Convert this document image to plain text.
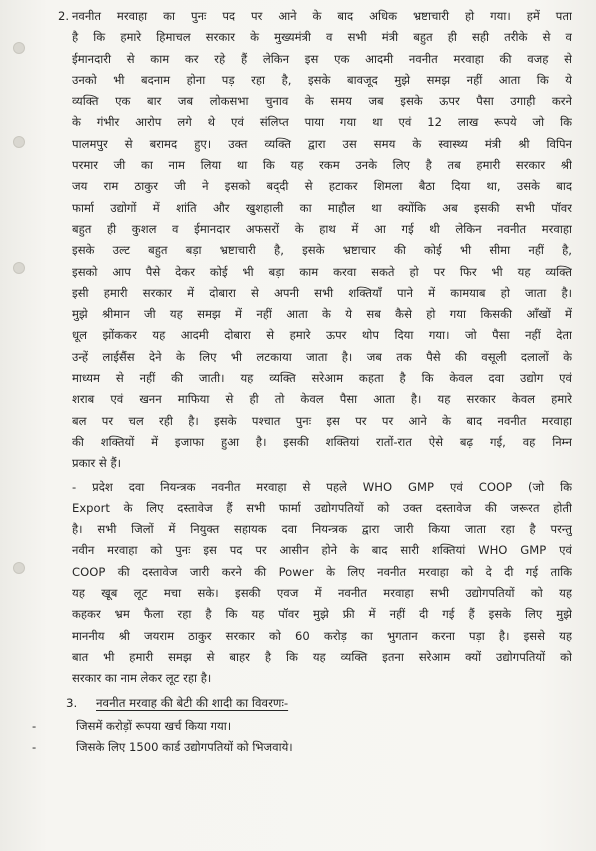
2. नवनीत मरवाहा का पुनः पद पर आने के बाद अधिक भ्रष्टाचारी हो गया। हमें पता
है कि हमारे हिमाचल सरकार के मुख्यमंत्री व सभी मंत्री बहुत ही सही तरीके से व
ईमानदारी से काम कर रहे हैं लेकिन इस एक आदमी नवनीत मरवाहा की वजह से
उनको भी बदनाम होना पड़ रहा है, इसके बावजूद मुझे समझ नहीं आता कि ये
व्यक्ति एक बार जब लोकसभा चुनाव के समय जब इसके ऊपर पैसा उगाही करने
के गंभीर आरोप लगे थे एवं संलिप्त पाया गया था एवं 12 लाख रूपये जो कि
पालमपुर से बरामद हुए। उक्त व्यक्ति द्वारा उस समय के स्वास्थ्य मंत्री श्री विपिन
परमार जी का नाम लिया था कि यह रकम उनके लिए है तब हमारी सरकार श्री
जय राम ठाकुर जी ने इसको बद्‌दी से हटाकर शिमला बैठा दिया था, उसके बाद
फार्मा उद्योगों में शांति और खुशहाली का माहौल था क्योंकि अब इसकी सभी पॉवर
बहुत ही कुशल व ईमानदार अफसरों के हाथ में आ गई थी लेकिन नवनीत मरवाहा
इसके उल्ट बहुत बड़ा भ्रष्टाचारी है, इसके भ्रष्टाचार की कोई भी सीमा नहीं है,
इसको आप पैसे देकर कोई भी बड़ा काम करवा सकते हो पर फिर भी यह व्यक्ति
इसी हमारी सरकार में दोबारा से अपनी सभी शक्तियाँ पाने में कामयाब हो जाता है।
मुझे श्रीमान जी यह समझ में नहीं आता के ये सब कैसे हो गया किसकी आँखों में
धूल झोंककर यह आदमी दोबारा से हमारे ऊपर थोप दिया गया। जो पैसा नहीं देता
उन्हें लाईसैंस देने के लिए भी लटकाया जाता है। जब तक पैसे की वसूली दलालों के
माध्यम से नहीं की जाती। यह व्यक्ति सरेआम कहता है कि केवल दवा उद्योग एवं
शराब एवं खनन माफिया से ही तो केवल पैसा आता है। यह सरकार केवल हमारे
बल पर चल रही है। इसके पश्चात पुनः इस पर पर आने के बाद नवनीत मरवाहा
की शक्तियों में इजाफा हुआ है। इसकी शक्तियां रातों-रात ऐसे बढ़ गई, वह निम्न
प्रकार से हैं।
- प्रदेश दवा नियन्त्रक नवनीत मरवाहा से पहले WHO GMP एवं COOP (जो कि
Export के लिए दस्तावेज हैं सभी फार्मा उद्योगपतियों को उक्त दस्तावेज की जरूरत होती
है। सभी जिलों में नियुक्त सहायक दवा नियन्त्रक द्वारा जारी किया जाता रहा है परन्तु
नवीन मरवाहा को पुनः इस पद पर आसीन होने के बाद सारी शक्तियां WHO GMP एवं
COOP की दस्तावेज जारी करने की Power के लिए नवनीत मरवाहा को दे दी गई ताकि
यह खूब लूट मचा सके। इसकी एवज में नवनीत मरवाहा सभी उद्योगपतियों को यह
कहकर भ्रम फैला रहा है कि यह पॉवर मुझे फ्री में नहीं दी गई हैं इसके लिए मुझे
माननीय श्री जयराम ठाकुर सरकार को 60 करोड़ का भुगतान करना पड़ा है। इससे यह
बात भी हमारी समझ से बाहर है कि यह व्यक्ति इतना सरेआम क्यों उद्योगपतियों को
सरकार का नाम लेकर लूट रहा है।
3. नवनीत मरवाह की बेटी की शादी का विवरणः-
-	जिसमें करोड़ों रूपया खर्च किया गया।
-	जिसके लिए 1500 कार्ड उद्योगपतियों को भिजवाये।
